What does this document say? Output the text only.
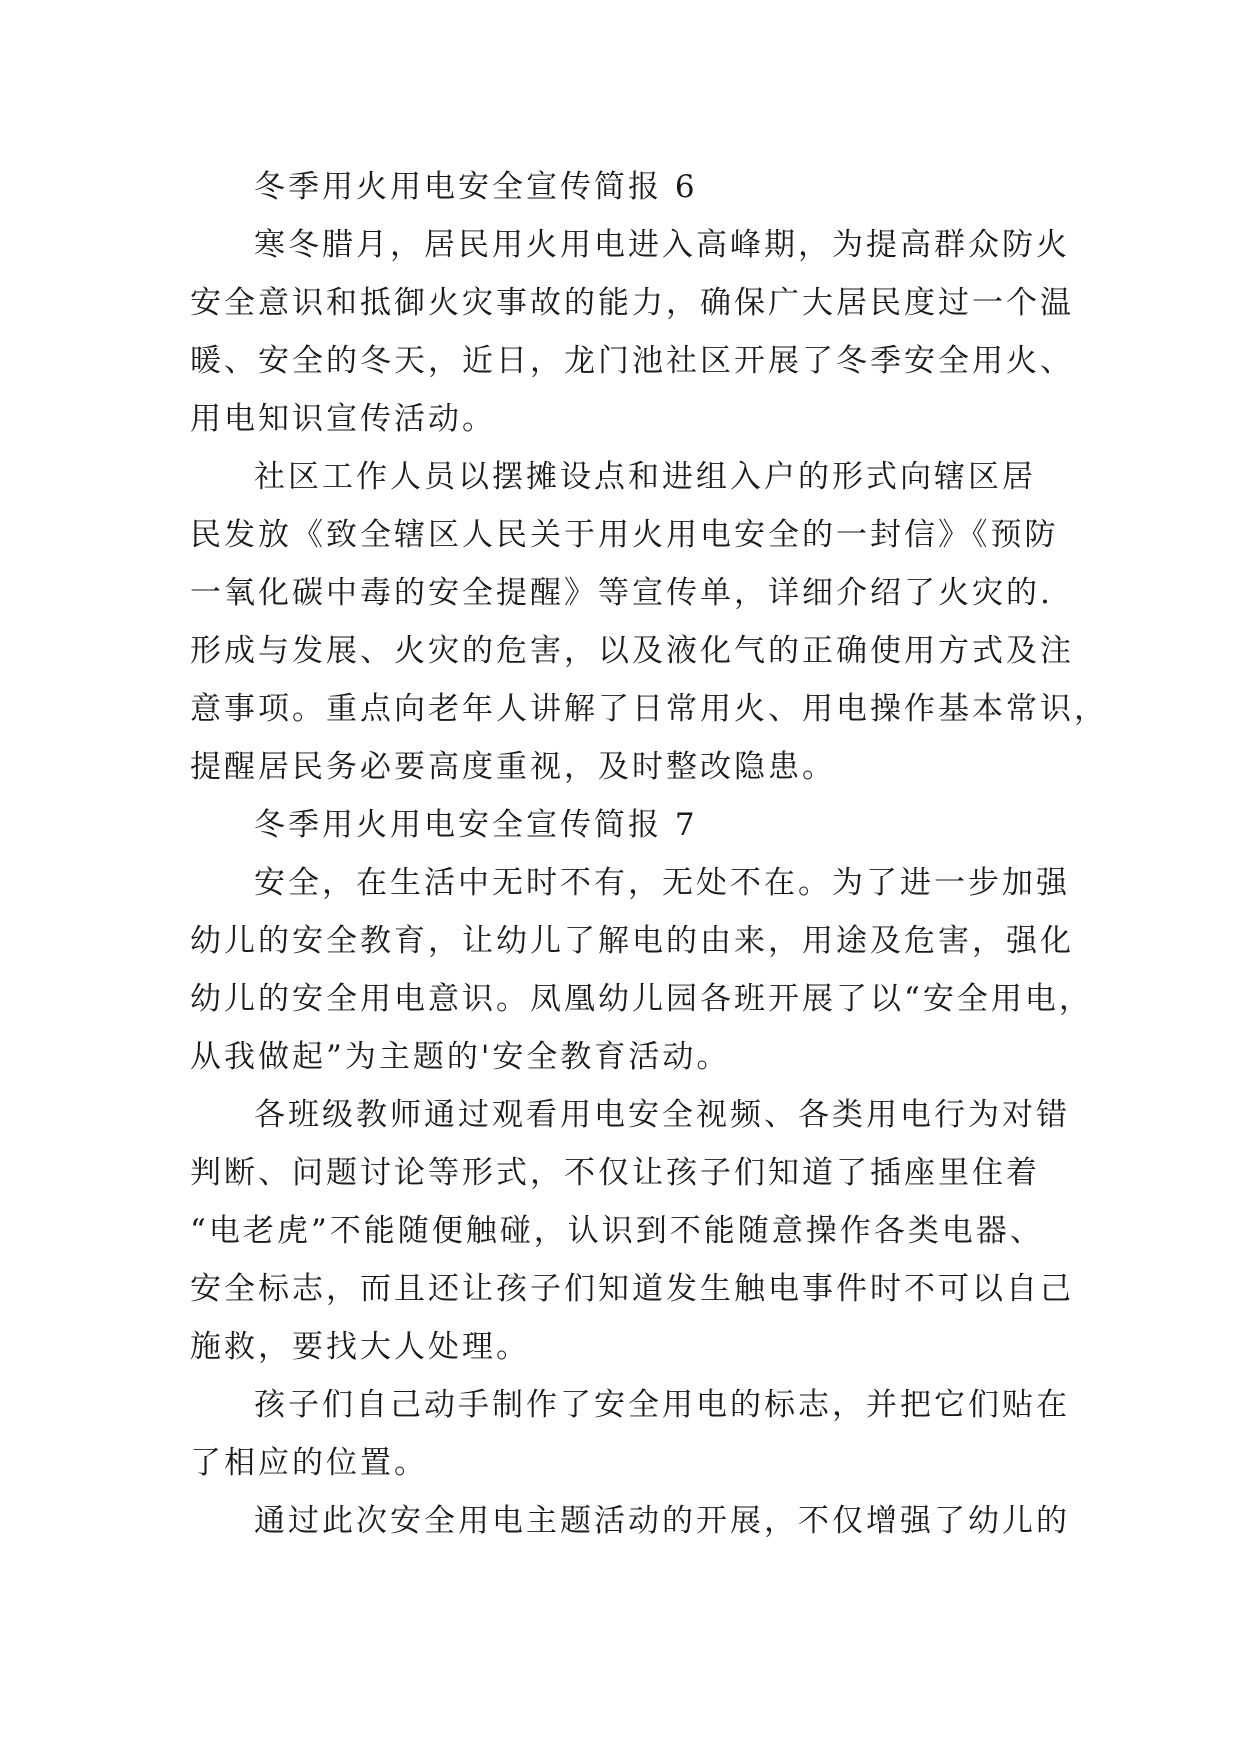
冬季用火用电安全宣传简报 6
寒冬腊月，居民用火用电进入高峰期，为提高群众防火
安全意识和抵御火灾事故的能力，确保广大居民度过一个温
暖、安全的冬天，近日，龙门池社区开展了冬季安全用火、
用电知识宣传活动。
社区工作人员以摆摊设点和进组入户的形式向辖区居
民发放《致全辖区人民关于用火用电安全的一封信》《预防
一氧化碳中毒的安全提醒》等宣传单，详细介绍了火灾的.
形成与发展、火灾的危害，以及液化气的正确使用方式及注
意事项。重点向老年人讲解了日常用火、用电操作基本常识，
提醒居民务必要高度重视，及时整改隐患。
冬季用火用电安全宣传简报 7
安全，在生活中无时不有，无处不在。为了进一步加强
幼儿的安全教育，让幼儿了解电的由来，用途及危害，强化
幼儿的安全用电意识。凤凰幼儿园各班开展了以“安全用电，
从我做起”为主题的'安全教育活动。
各班级教师通过观看用电安全视频、各类用电行为对错
判断、问题讨论等形式，不仅让孩子们知道了插座里住着
“电老虎”不能随便触碰，认识到不能随意操作各类电器、
安全标志，而且还让孩子们知道发生触电事件时不可以自己
施救，要找大人处理。
孩子们自己动手制作了安全用电的标志，并把它们贴在
了相应的位置。
通过此次安全用电主题活动的开展，不仅增强了幼儿的
